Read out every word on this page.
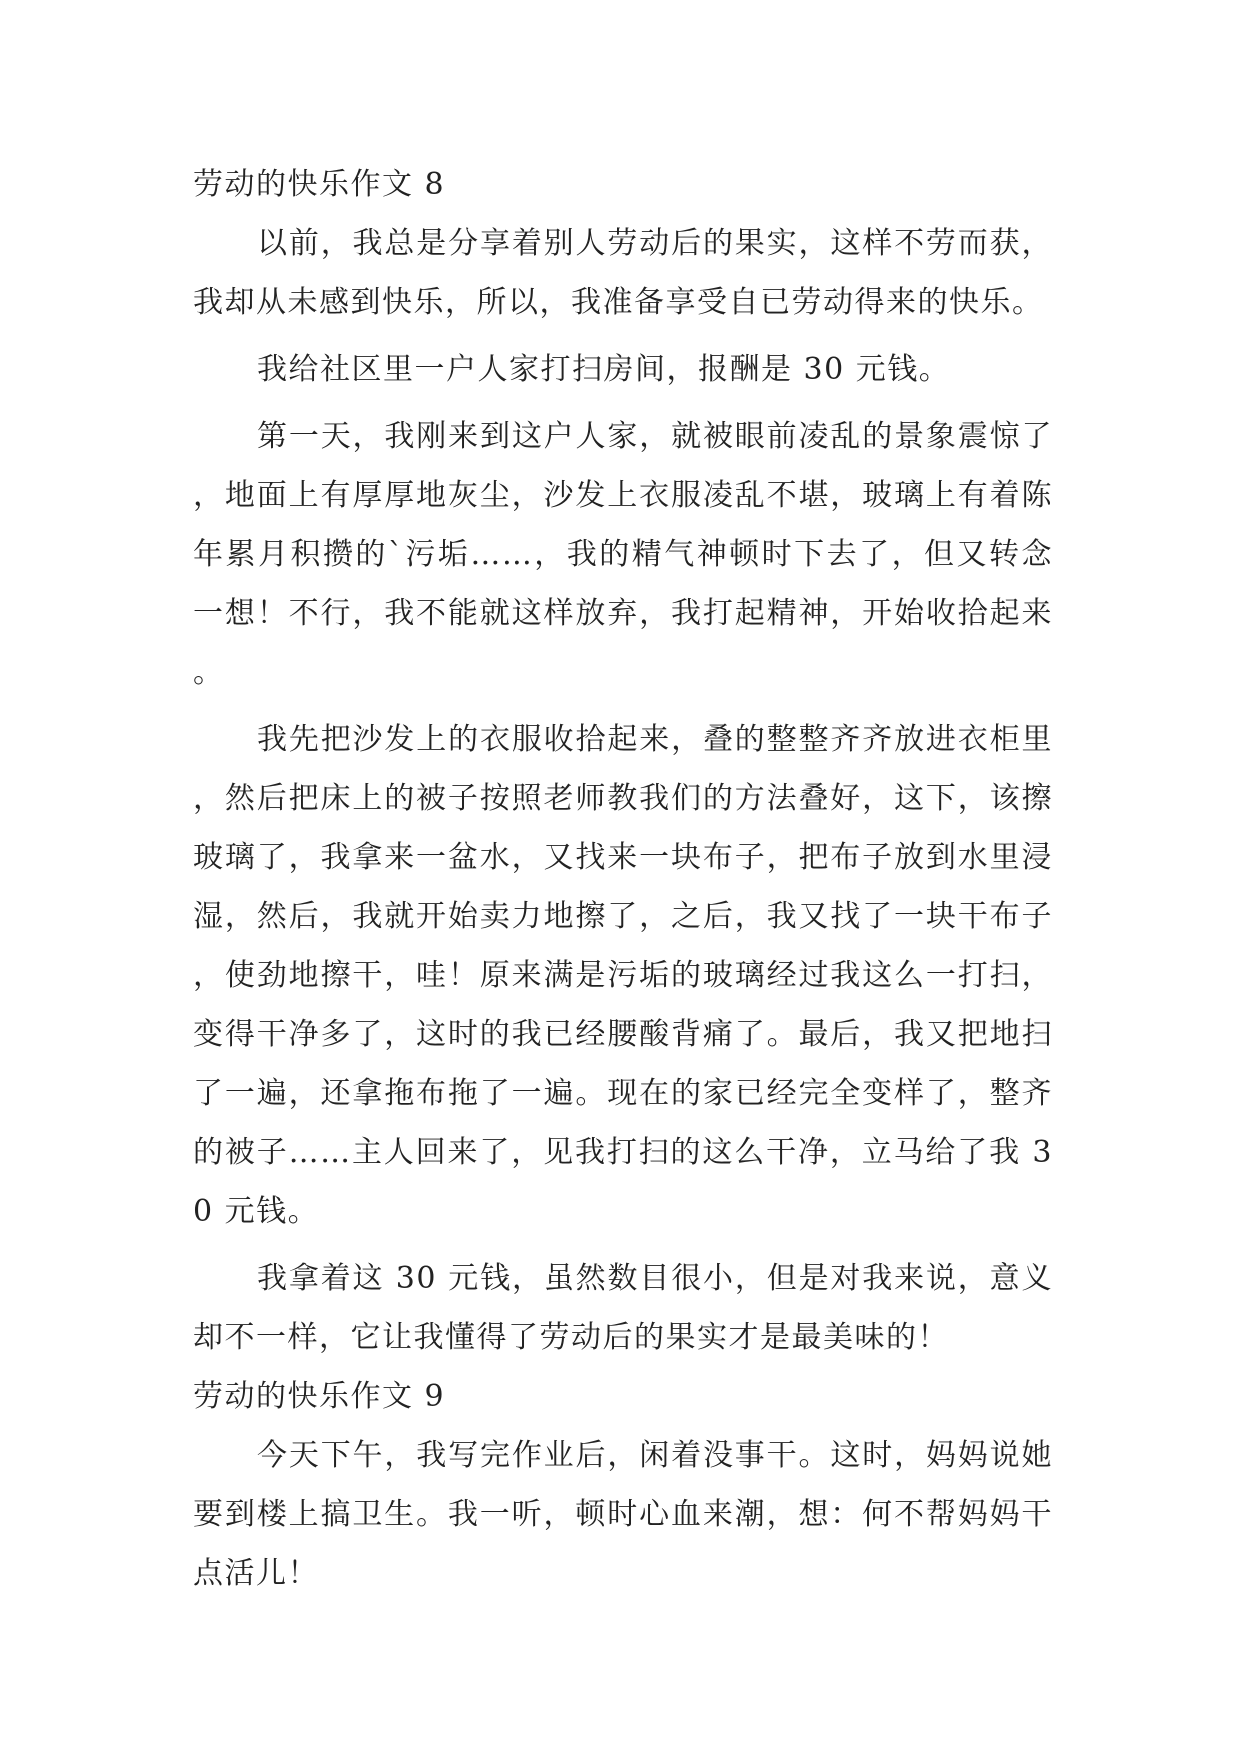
劳动的快乐作文 8

以前，我总是分享着别人劳动后的果实，这样不劳而获，我却从未感到快乐，所以，我准备享受自已劳动得来的快乐。

我给社区里一户人家打扫房间，报酬是 30 元钱。

第一天，我刚来到这户人家，就被眼前凌乱的景象震惊了，地面上有厚厚地灰尘，沙发上衣服凌乱不堪，玻璃上有着陈年累月积攒的`污垢……，我的精气神顿时下去了，但又转念一想！不行，我不能就这样放弃，我打起精神，开始收拾起来。

我先把沙发上的衣服收拾起来，叠的整整齐齐放进衣柜里，然后把床上的被子按照老师教我们的方法叠好，这下，该擦玻璃了，我拿来一盆水，又找来一块布子，把布子放到水里浸湿，然后，我就开始卖力地擦了，之后，我又找了一块干布子，使劲地擦干，哇！原来满是污垢的玻璃经过我这么一打扫，变得干净多了，这时的我已经腰酸背痛了。最后，我又把地扫了一遍，还拿拖布拖了一遍。现在的家已经完全变样了，整齐的被子……主人回来了，见我打扫的这么干净，立马给了我 30 元钱。

我拿着这 30 元钱，虽然数目很小，但是对我来说，意义却不一样，它让我懂得了劳动后的果实才是最美味的！

劳动的快乐作文 9

今天下午，我写完作业后，闲着没事干。这时，妈妈说她要到楼上搞卫生。我一听，顿时心血来潮，想：何不帮妈妈干点活儿！
